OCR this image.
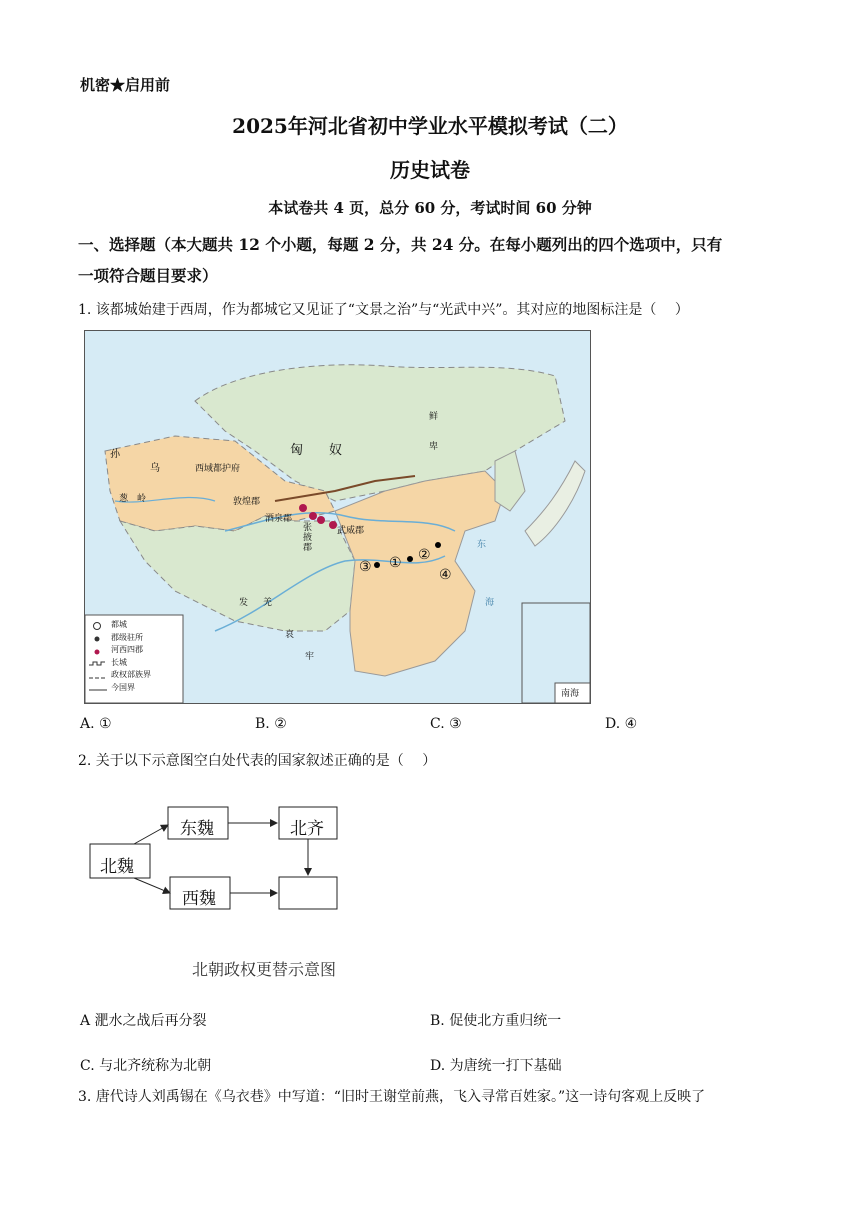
机密★启用前
2025年河北省初中学业水平模拟考试（二）
历史试卷
本试卷共 4 页，总分 60 分，考试时间 60 分钟
一、选择题（本大题共 12 个小题，每题 2 分，共 24 分。在每小题列出的四个选项中，只有
一项符合题目要求）
1. 该都城始建于西周，作为都城它又见证了“文景之治”与“光武中兴”。其对应的地图标注是（　 ）
匈　　奴
鲜
卑
孙
乌	西域都护府
葱　岭	敦煌郡
酒泉郡
张掖郡
武威郡
发 羌
哀
牢
东
海
③ ① ②
④
南海
都城
郡级驻所
河西四郡
长城
政权部族界
今国界
A. ①	B. ②	C. ③	D. ④
2. 关于以下示意图空白处代表的国家叙述正确的是（　 ）
北魏
东魏	北齐
西魏
北朝政权更替示意图
A 淝水之战后再分裂	B. 促使北方重归统一
C. 与北齐统称为北朝	D. 为唐统一打下基础
3. 唐代诗人刘禹锡在《乌衣巷》中写道：“旧时王谢堂前燕，飞入寻常百姓家。”这一诗句客观上反映了
